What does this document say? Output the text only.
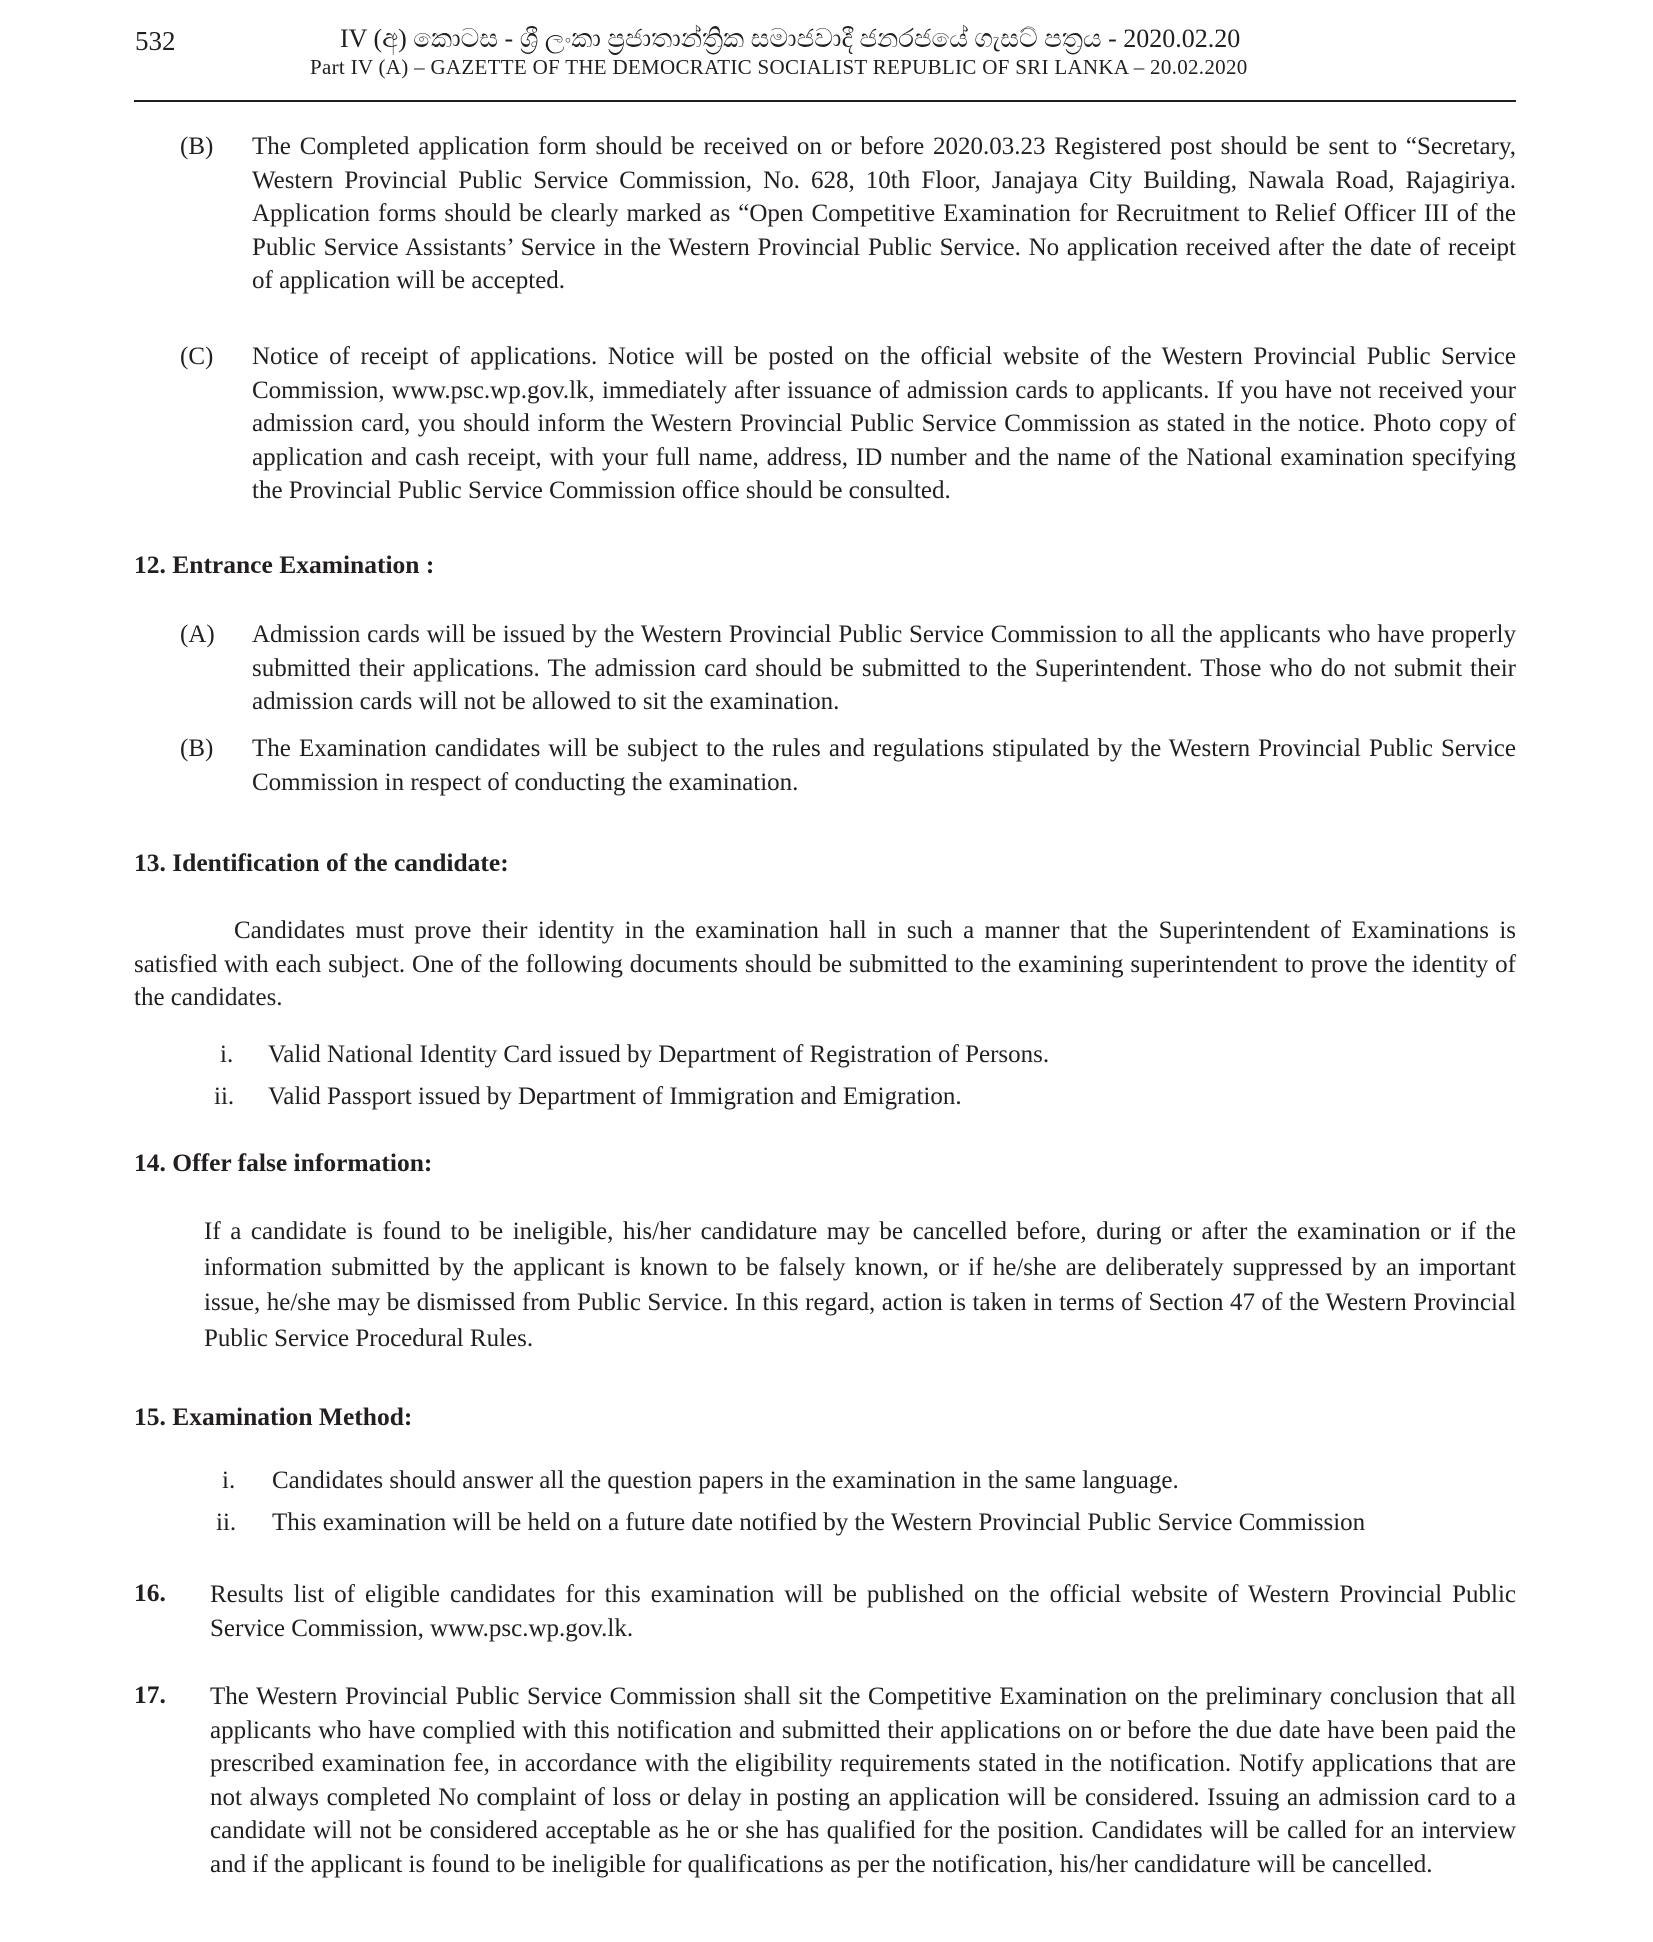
532	IV (අ) කොටස - ශ්‍රී ලංකා ප්‍රජාතාන්ත්‍රික සමාජවාදී ජනරජයේ ගැසට් පත්‍රය - 2020.02.20
Part IV (A) – GAZETTE OF THE DEMOCRATIC SOCIALIST REPUBLIC OF SRI LANKA – 20.02.2020
(B) The Completed application form should be received on or before 2020.03.23 Registered post should be sent to “Secretary, Western Provincial Public Service Commission, No. 628, 10th Floor, Janajaya City Building, Nawala Road, Rajagiriya. Application forms should be clearly marked as “Open Competitive Examination for Recruitment to Relief Officer III of the Public Service Assistants’ Service in the Western Provincial Public Service. No application received after the date of receipt of application will be accepted.
(C) Notice of receipt of applications. Notice will be posted on the official website of the Western Provincial Public Service Commission, www.psc.wp.gov.lk, immediately after issuance of admission cards to applicants. If you have not received your admission card, you should inform the Western Provincial Public Service Commission as stated in the notice. Photo copy of application and cash receipt, with your full name, address, ID number and the name of the National examination specifying the Provincial Public Service Commission office should be consulted.
12. Entrance Examination :
(A) Admission cards will be issued by the Western Provincial Public Service Commission to all the applicants who have properly submitted their applications. The admission card should be submitted to the Superintendent. Those who do not submit their admission cards will not be allowed to sit the examination.
(B) The Examination candidates will be subject to the rules and regulations stipulated by the Western Provincial Public Service Commission in respect of conducting the examination.
13. Identification of the candidate:
Candidates must prove their identity in the examination hall in such a manner that the Superintendent of Examinations is satisfied with each subject. One of the following documents should be submitted to the examining superintendent to prove the identity of the candidates.
i. Valid National Identity Card issued by Department of Registration of Persons.
ii. Valid Passport issued by Department of Immigration and Emigration.
14. Offer false information:
If a candidate is found to be ineligible, his/her candidature may be cancelled before, during or after the examination or if the information submitted by the applicant is known to be falsely known, or if he/she are deliberately suppressed by an important issue, he/she may be dismissed from Public Service. In this regard, action is taken in terms of Section 47 of the Western Provincial Public Service Procedural Rules.
15. Examination Method:
i. Candidates should answer all the question papers in the examination in the same language.
ii. This examination will be held on a future date notified by the Western Provincial Public Service Commission
16. Results list of eligible candidates for this examination will be published on the official website of Western Provincial Public Service Commission, www.psc.wp.gov.lk.
17. The Western Provincial Public Service Commission shall sit the Competitive Examination on the preliminary conclusion that all applicants who have complied with this notification and submitted their applications on or before the due date have been paid the prescribed examination fee, in accordance with the eligibility requirements stated in the notification. Notify applications that are not always completed No complaint of loss or delay in posting an application will be considered. Issuing an admission card to a candidate will not be considered acceptable as he or she has qualified for the position. Candidates will be called for an interview and if the applicant is found to be ineligible for qualifications as per the notification, his/her candidature will be cancelled.
